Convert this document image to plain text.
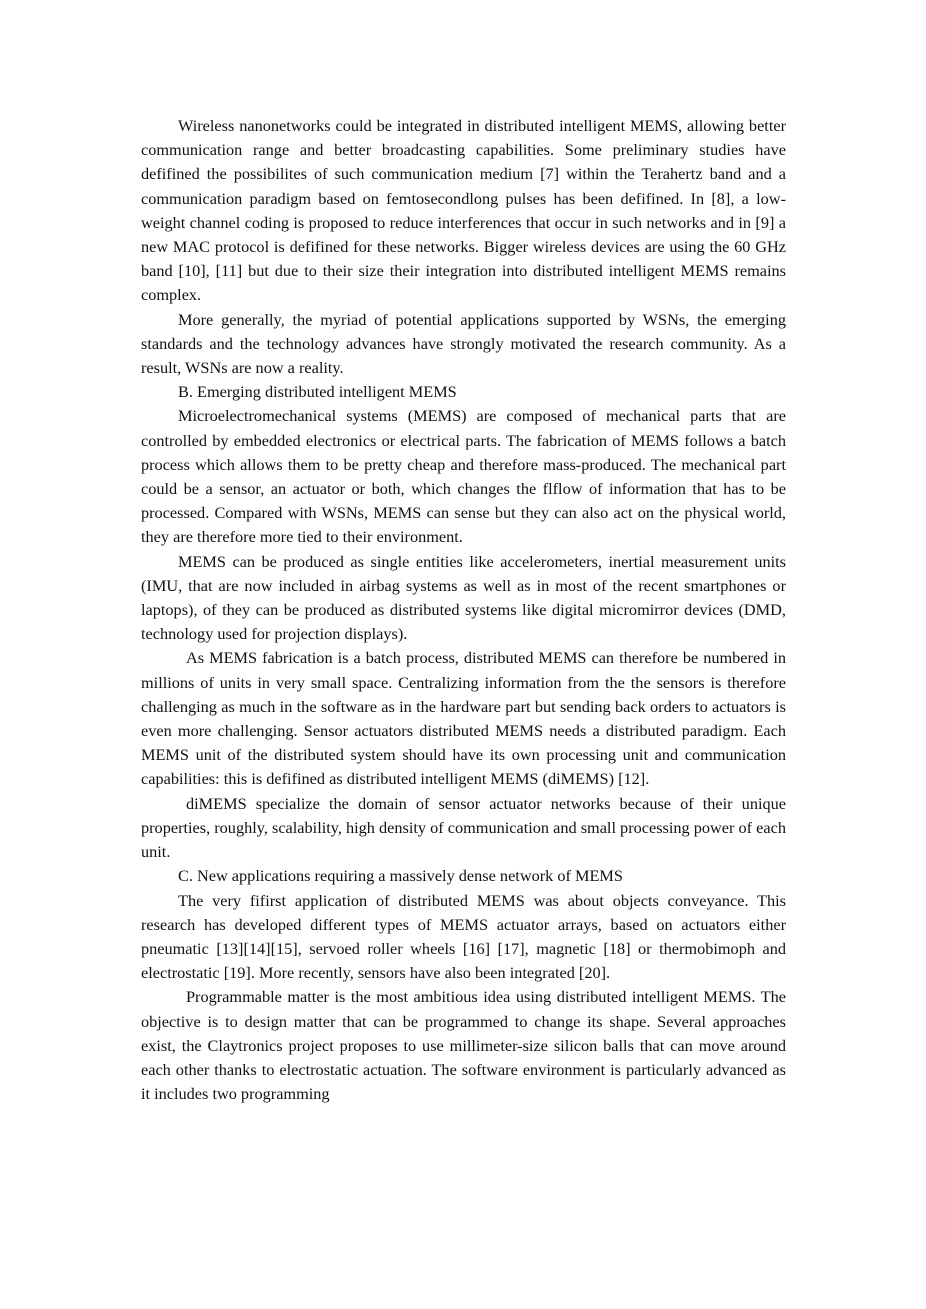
Wireless nanonetworks could be integrated in distributed intelligent MEMS, allowing better communication range and better broadcasting capabilities. Some preliminary studies have defifined the possibilites of such communication medium [7] within the Terahertz band and a communication paradigm based on femtosecondlong pulses has been defifined. In [8], a low-weight channel coding is proposed to reduce interferences that occur in such networks and in [9] a new MAC protocol is defifined for these networks. Bigger wireless devices are using the 60 GHz band [10], [11] but due to their size their integration into distributed intelligent MEMS remains complex.

More generally, the myriad of potential applications supported by WSNs, the emerging standards and the technology advances have strongly motivated the research community. As a result, WSNs are now a reality.

B. Emerging distributed intelligent MEMS

Microelectromechanical systems (MEMS) are composed of mechanical parts that are controlled by embedded electronics or electrical parts. The fabrication of MEMS follows a batch process which allows them to be pretty cheap and therefore mass-produced. The mechanical part could be a sensor, an actuator or both, which changes the flflow of information that has to be processed. Compared with WSNs, MEMS can sense but they can also act on the physical world, they are therefore more tied to their environment.

MEMS can be produced as single entities like accelerometers, inertial measurement units (IMU, that are now included in airbag systems as well as in most of the recent smartphones or laptops), of they can be produced as distributed systems like digital micromirror devices (DMD, technology used for projection displays).

As MEMS fabrication is a batch process, distributed MEMS can therefore be numbered in millions of units in very small space. Centralizing information from the the sensors is therefore challenging as much in the software as in the hardware part but sending back orders to actuators is even more challenging. Sensor actuators distributed MEMS needs a distributed paradigm. Each MEMS unit of the distributed system should have its own processing unit and communication capabilities: this is defifined as distributed intelligent MEMS (diMEMS) [12].

diMEMS specialize the domain of sensor actuator networks because of their unique properties, roughly, scalability, high density of communication and small processing power of each unit.

C. New applications requiring a massively dense network of MEMS

The very fifirst application of distributed MEMS was about objects conveyance. This research has developed different types of MEMS actuator arrays, based on actuators either pneumatic [13][14][15], servoed roller wheels [16] [17], magnetic [18] or thermobimoph and electrostatic [19]. More recently, sensors have also been integrated [20].

Programmable matter is the most ambitious idea using distributed intelligent MEMS. The objective is to design matter that can be programmed to change its shape. Several approaches exist, the Claytronics project proposes to use millimeter-size silicon balls that can move around each other thanks to electrostatic actuation. The software environment is particularly advanced as it includes two programming
